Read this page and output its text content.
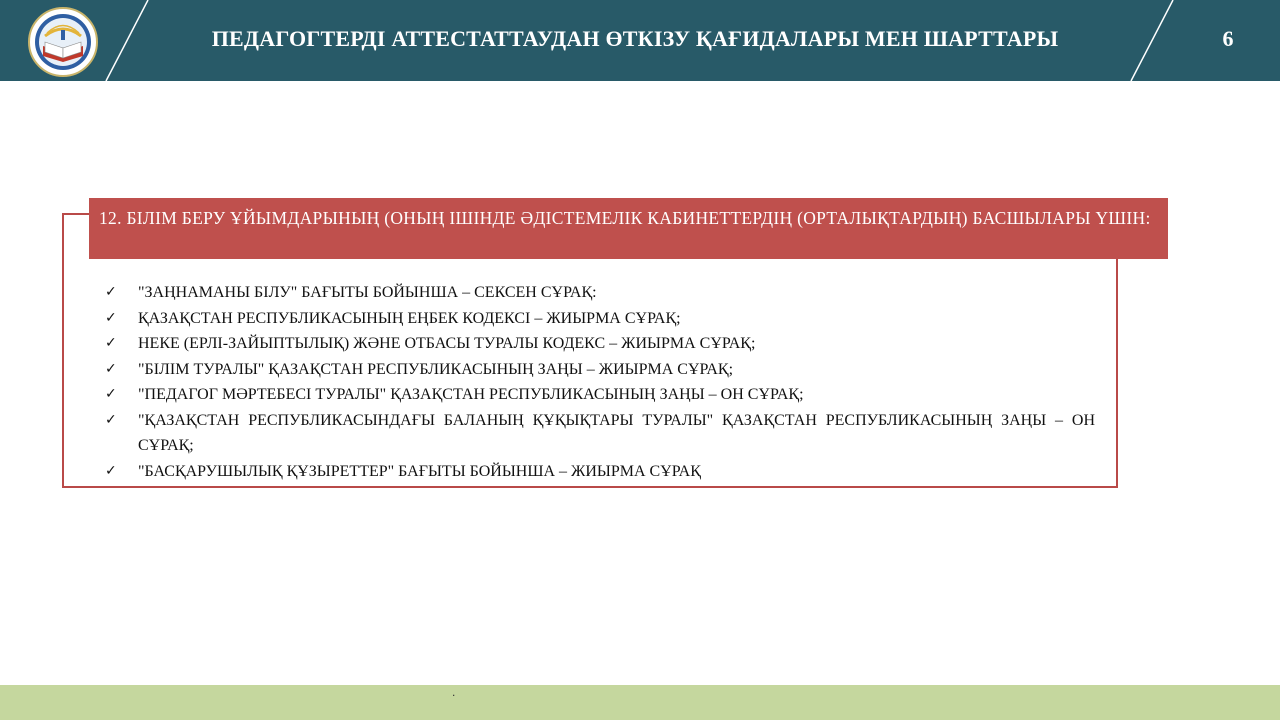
ПЕДАГОГТЕРДІ АТТЕСТАТТАУДАН ӨТКІЗУ ҚАҒИДАЛАРЫ МЕН ШАРТТАРЫ	6
12. БІЛІМ БЕРУ ҰЙЫМДАРЫНЫҢ (ОНЫҢ ІШІНДЕ ӘДІСТЕМЕЛІК КАБИНЕТТЕРДІҢ (ОРТАЛЫҚТАРДЫҢ) БАСШЫЛАРЫ ҮШІН:
✓ "ЗАҢНАМАНЫ БІЛУ" БАҒЫТЫ БОЙЫНША – СЕКСЕН СҰРАҚ:
✓ ҚАЗАҚСТАН РЕСПУБЛИКАСЫНЫҢ ЕҢБЕК КОДЕКСІ – ЖИЫРМА СҰРАҚ;
✓ НЕКЕ (ЕРЛІ-ЗАЙЫПТЫЛЫҚ) ЖӘНЕ ОТБАСЫ ТУРАЛЫ КОДЕКС – ЖИЫРМА СҰРАҚ;
✓ "БІЛІМ ТУРАЛЫ" ҚАЗАҚСТАН РЕСПУБЛИКАСЫНЫҢ ЗАҢЫ – ЖИЫРМА СҰРАҚ;
✓ "ПЕДАГОГ МӘРТЕБЕСІ ТУРАЛЫ" ҚАЗАҚСТАН РЕСПУБЛИКАСЫНЫҢ ЗАҢЫ – ОН СҰРАҚ;
✓ "ҚАЗАҚСТАН РЕСПУБЛИКАСЫНДАҒЫ БАЛАНЫҢ ҚҰҚЫҚТАРЫ ТУРАЛЫ" ҚАЗАҚСТАН РЕСПУБЛИКАСЫНЫҢ ЗАҢЫ – ОН СҰРАҚ;
✓ "БАСҚАРУШЫЛЫҚ ҚҰЗЫРЕТТЕР" БАҒЫТЫ БОЙЫНША – ЖИЫРМА СҰРАҚ
.
